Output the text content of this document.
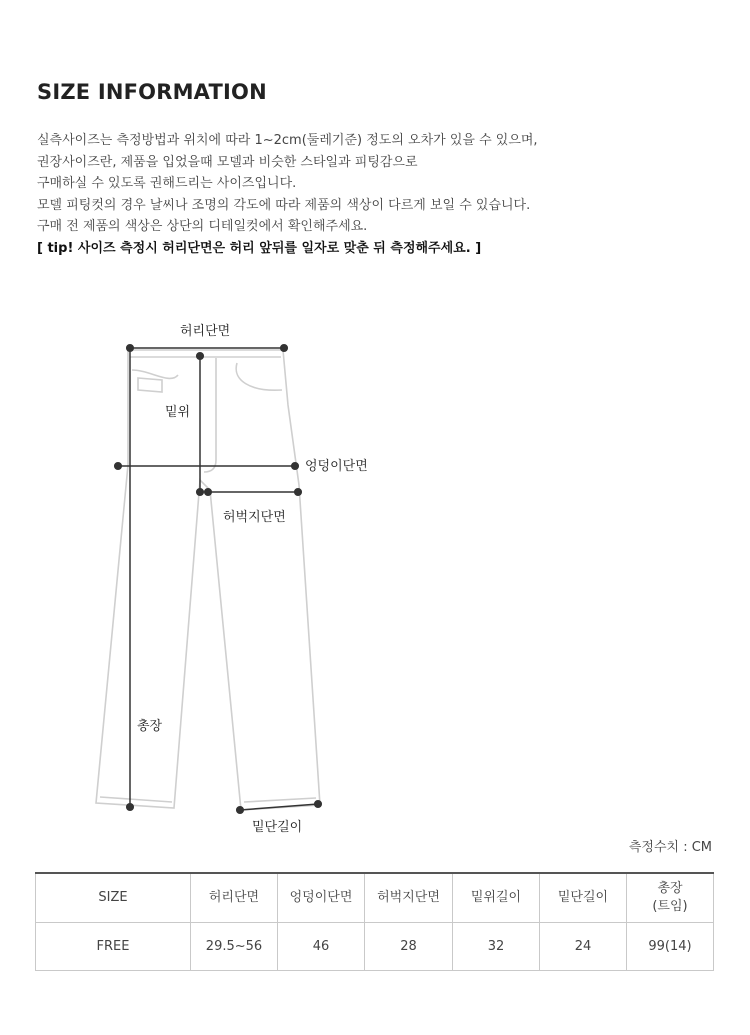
SIZE INFORMATION
실측사이즈는 측정방법과 위치에 따라 1~2cm(둘레기준) 정도의 오차가 있을 수 있으며,
권장사이즈란, 제품을 입었을때 모델과 비슷한 스타일과 피팅감으로
구매하실 수 있도록 권해드리는 사이즈입니다.
모델 피팅컷의 경우 날씨나 조명의 각도에 따라 제품의 색상이 다르게 보일 수 있습니다.
구매 전 제품의 색상은 상단의 디테일컷에서 확인해주세요.
[ tip! 사이즈 측정시 허리단면은 허리 앞뒤를 일자로 맞춘 뒤 측정해주세요. ]
허리단면
밑위
엉덩이단면
허벅지단면
총장
밑단길이
측정수치 : CM
SIZE	허리단면	엉덩이단면	허벅지단면	밑위길이	밑단길이	총장
(트임)
FREE	29.5~56	46	28	32	24	99(14)
